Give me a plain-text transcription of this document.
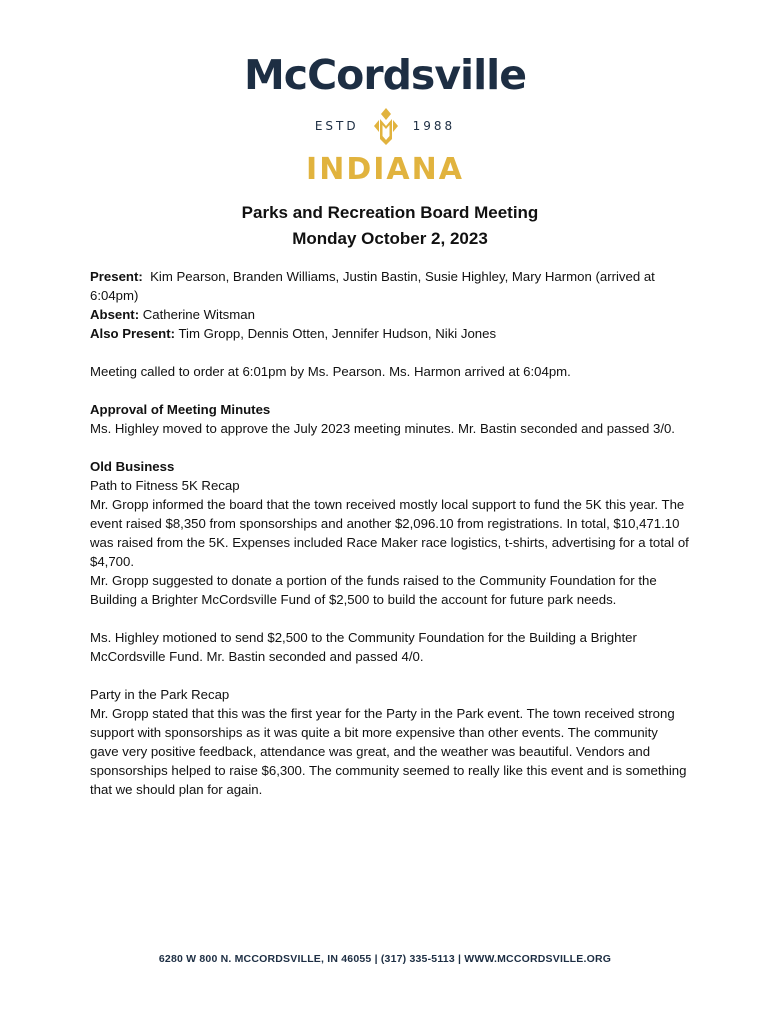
McCordsville
ESTD	1988
INDIANA
Parks and Recreation Board Meeting
Monday October 2, 2023

Present: Kim Pearson, Branden Williams, Justin Bastin, Susie Highley, Mary Harmon (arrived at 6:04pm)

Absent: Catherine Witsman

Also Present: Tim Gropp, Dennis Otten, Jennifer Hudson, Niki Jones

Meeting called to order at 6:01pm by Ms. Pearson. Ms. Harmon arrived at 6:04pm.

Approval of Meeting Minutes

Ms. Highley moved to approve the July 2023 meeting minutes. Mr. Bastin seconded and passed 3/0.

Old Business

Path to Fitness 5K Recap

Mr. Gropp informed the board that the town received mostly local support to fund the 5K this year. The event raised $8,350 from sponsorships and another $2,096.10 from registrations. In total, $10,471.10 was raised from the 5K. Expenses included Race Maker race logistics, t-shirts, advertising for a total of $4,700.

Mr. Gropp suggested to donate a portion of the funds raised to the Community Foundation for the Building a Brighter McCordsville Fund of $2,500 to build the account for future park needs.

Ms. Highley motioned to send $2,500 to the Community Foundation for the Building a Brighter McCordsville Fund. Mr. Bastin seconded and passed 4/0.

Party in the Park Recap

Mr. Gropp stated that this was the first year for the Party in the Park event. The town received strong support with sponsorships as it was quite a bit more expensive than other events. The community gave very positive feedback, attendance was great, and the weather was beautiful. Vendors and sponsorships helped to raise $6,300. The community seemed to really like this event and is something that we should plan for again.

6280 W 800 N. MCCORDSVILLE, IN 46055 | (317) 335-5113 | WWW.MCCORDSVILLE.ORG
